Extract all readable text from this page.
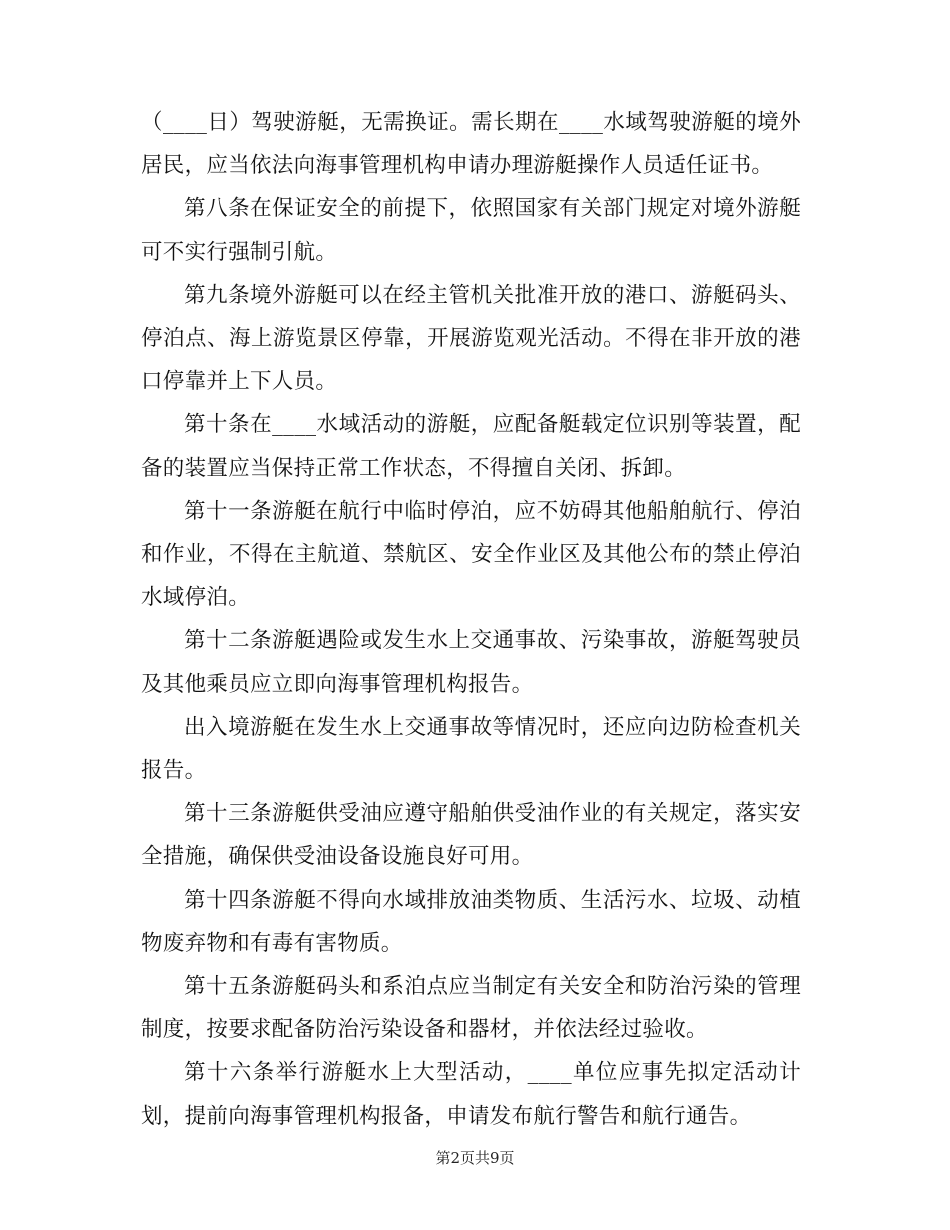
（____日）驾驶游艇，无需换证。需长期在____水域驾驶游艇的境外居民，应当依法向海事管理机构申请办理游艇操作人员适任证书。

第八条在保证安全的前提下，依照国家有关部门规定对境外游艇可不实行强制引航。

第九条境外游艇可以在经主管机关批准开放的港口、游艇码头、停泊点、海上游览景区停靠，开展游览观光活动。不得在非开放的港口停靠并上下人员。

第十条在____水域活动的游艇，应配备艇载定位识别等装置，配备的装置应当保持正常工作状态，不得擅自关闭、拆卸。

第十一条游艇在航行中临时停泊，应不妨碍其他船舶航行、停泊和作业，不得在主航道、禁航区、安全作业区及其他公布的禁止停泊水域停泊。

第十二条游艇遇险或发生水上交通事故、污染事故，游艇驾驶员及其他乘员应立即向海事管理机构报告。

出入境游艇在发生水上交通事故等情况时，还应向边防检查机关报告。

第十三条游艇供受油应遵守船舶供受油作业的有关规定，落实安全措施，确保供受油设备设施良好可用。

第十四条游艇不得向水域排放油类物质、生活污水、垃圾、动植物废弃物和有毒有害物质。

第十五条游艇码头和系泊点应当制定有关安全和防治污染的管理制度，按要求配备防治污染设备和器材，并依法经过验收。

第十六条举行游艇水上大型活动，____单位应事先拟定活动计划，提前向海事管理机构报备，申请发布航行警告和航行通告。

第2页共9页
